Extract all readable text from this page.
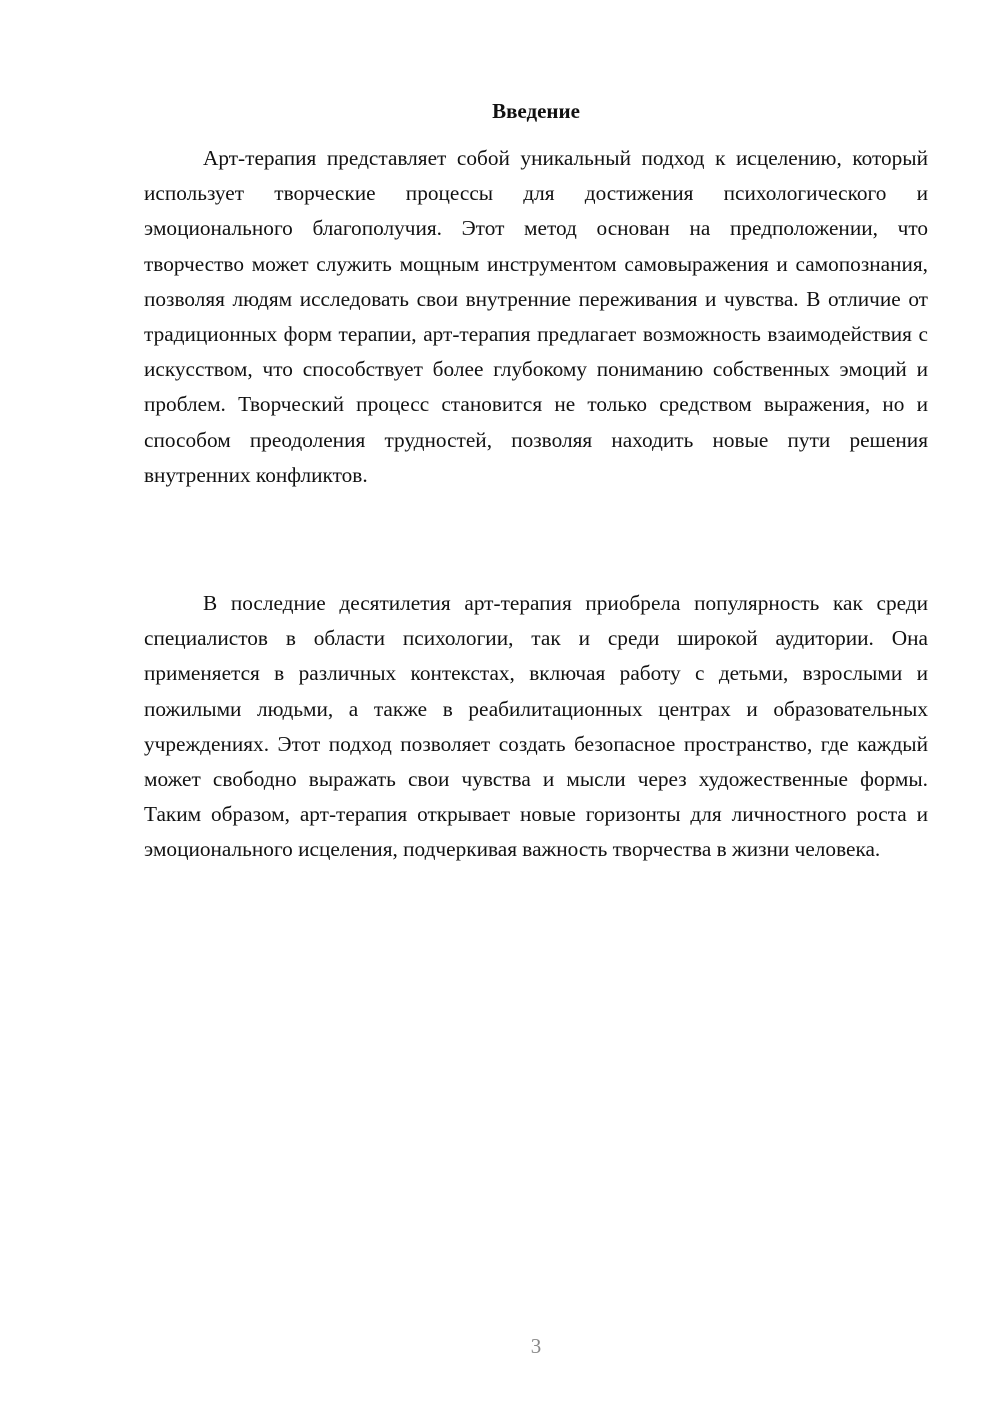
Введение

Арт-терапия представляет собой уникальный подход к исцелению, который использует творческие процессы для достижения психологического и эмоционального благополучия. Этот метод основан на предположении, что творчество может служить мощным инструментом самовыражения и самопознания, позволяя людям исследовать свои внутренние переживания и чувства. В отличие от традиционных форм терапии, арт-терапия предлагает возможность взаимодействия с искусством, что способствует более глубокому пониманию собственных эмоций и проблем. Творческий процесс становится не только средством выражения, но и способом преодоления трудностей, позволяя находить новые пути решения внутренних конфликтов.

В последние десятилетия арт-терапия приобрела популярность как среди специалистов в области психологии, так и среди широкой аудитории. Она применяется в различных контекстах, включая работу с детьми, взрослыми и пожилыми людьми, а также в реабилитационных центрах и образовательных учреждениях. Этот подход позволяет создать безопасное пространство, где каждый может свободно выражать свои чувства и мысли через художественные формы. Таким образом, арт-терапия открывает новые горизонты для личностного роста и эмоционального исцеления, подчеркивая важность творчества в жизни человека.

3
